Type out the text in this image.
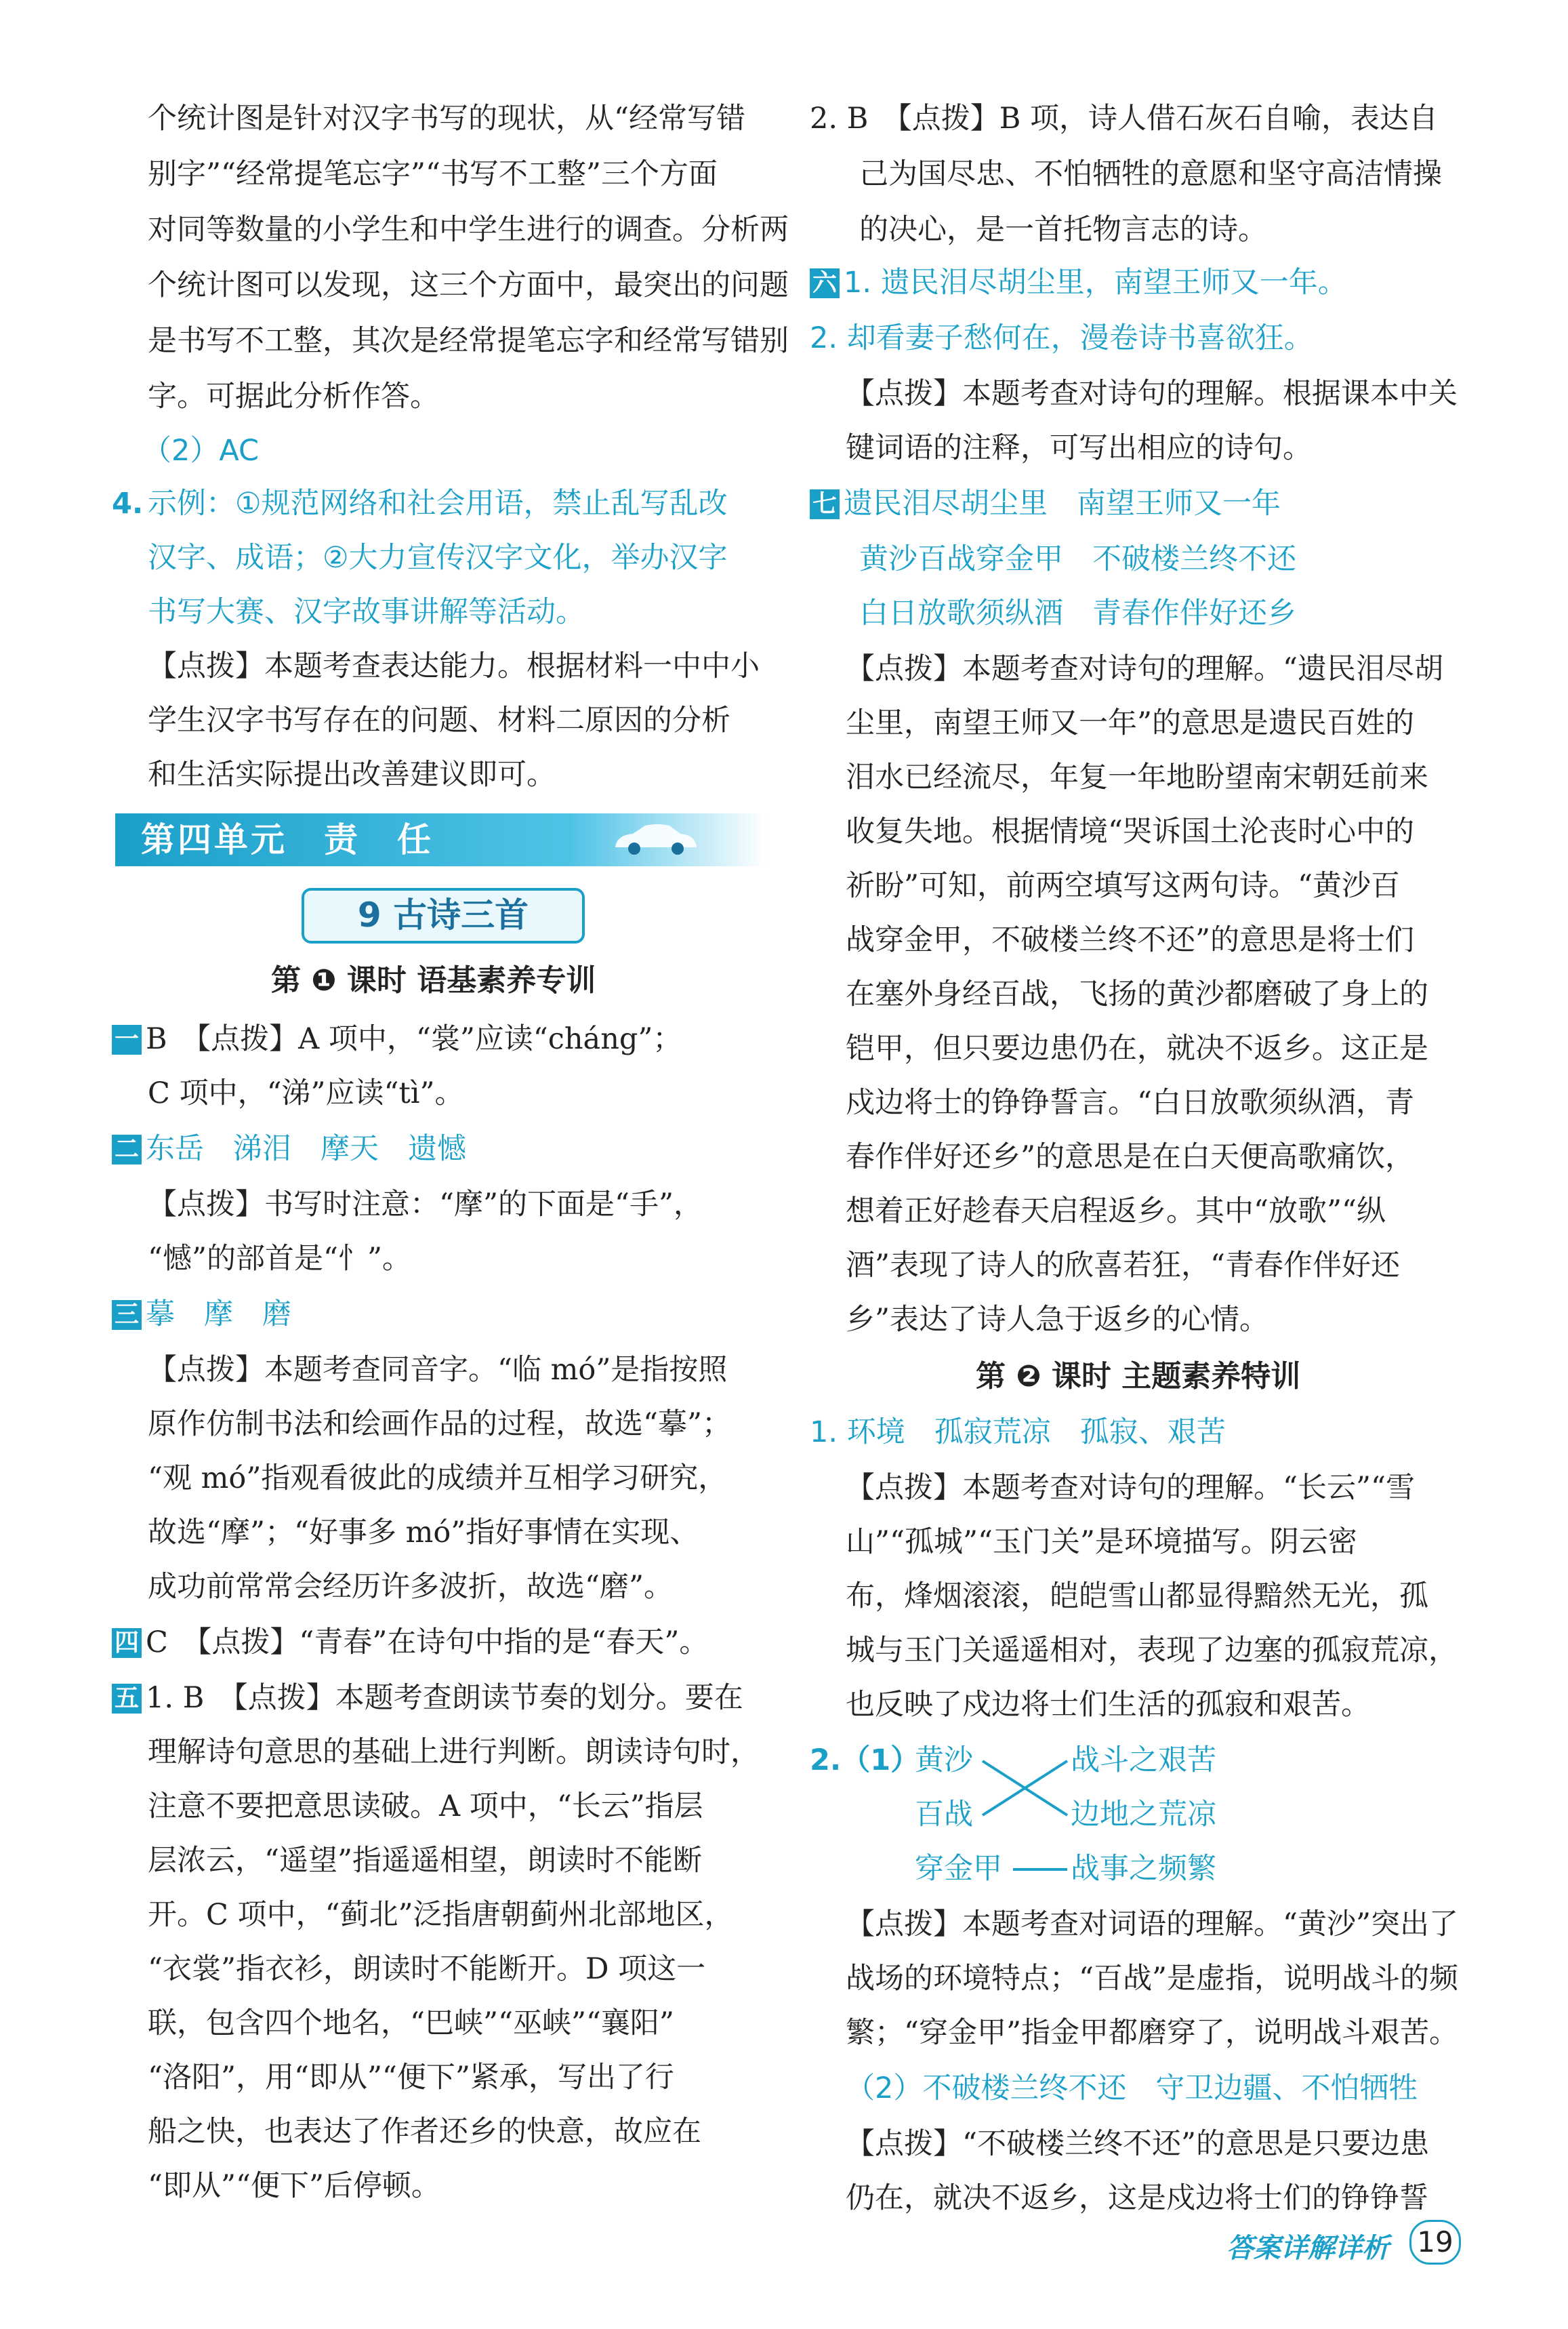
个统计图是针对汉字书写的现状，从“经常写错
别字”“经常提笔忘字”“书写不工整”三个方面
对同等数量的小学生和中学生进行的调查。分析两
个统计图可以发现，这三个方面中，最突出的问题
是书写不工整，其次是经常提笔忘字和经常写错别
字。可据此分析作答。
（2）AC
4. 示例：①规范网络和社会用语，禁止乱写乱改
汉字、成语；②大力宣传汉字文化，举办汉字
书写大赛、汉字故事讲解等活动。
【点拨】本题考查表达能力。根据材料一中中小
学生汉字书写存在的问题、材料二原因的分析
和生活实际提出改善建议即可。
第四单元　责　任
9 古诗三首
第 ❶ 课时 语基素养专训
一 B　【点拨】A 项中，“裳”应读“cháng”；
C 项中，“涕”应读“tì”。
二 东岳　涕泪　摩天　遗憾
【点拨】书写时注意：“摩”的下面是“手”，
“憾”的部首是“忄”。
三 摹　摩　磨
【点拨】本题考查同音字。“临 mó”是指按照
原作仿制书法和绘画作品的过程，故选“摹”；
“观 mó”指观看彼此的成绩并互相学习研究，
故选“摩”；“好事多 mó”指好事情在实现、
成功前常常会经历许多波折，故选“磨”。
四 C　【点拨】“青春”在诗句中指的是“春天”。
五 1. B　【点拨】本题考查朗读节奏的划分。要在
理解诗句意思的基础上进行判断。朗读诗句时，
注意不要把意思读破。A 项中，“长云”指层
层浓云，“遥望”指遥遥相望，朗读时不能断
开。C 项中，“蓟北”泛指唐朝蓟州北部地区，
“衣裳”指衣衫，朗读时不能断开。D 项这一
联，包含四个地名，“巴峡”“巫峡”“襄阳”
“洛阳”，用“即从”“便下”紧承，写出了行
船之快，也表达了作者还乡的快意，故应在
“即从”“便下”后停顿。
2. B　【点拨】B 项，诗人借石灰石自喻，表达自
己为国尽忠、不怕牺牲的意愿和坚守高洁情操
的决心，是一首托物言志的诗。
六 1. 遗民泪尽胡尘里，南望王师又一年。
2. 却看妻子愁何在，漫卷诗书喜欲狂。
【点拨】本题考查对诗句的理解。根据课本中关
键词语的注释，可写出相应的诗句。
七 遗民泪尽胡尘里　南望王师又一年
黄沙百战穿金甲　不破楼兰终不还
白日放歌须纵酒　青春作伴好还乡
【点拨】本题考查对诗句的理解。“遗民泪尽胡
尘里，南望王师又一年”的意思是遗民百姓的
泪水已经流尽，年复一年地盼望南宋朝廷前来
收复失地。根据情境“哭诉国土沦丧时心中的
祈盼”可知，前两空填写这两句诗。“黄沙百
战穿金甲，不破楼兰终不还”的意思是将士们
在塞外身经百战，飞扬的黄沙都磨破了身上的
铠甲，但只要边患仍在，就决不返乡。这正是
戍边将士的铮铮誓言。“白日放歌须纵酒，青
春作伴好还乡”的意思是在白天便高歌痛饮，
想着正好趁春天启程返乡。其中“放歌”“纵
酒”表现了诗人的欣喜若狂，“青春作伴好还
乡”表达了诗人急于返乡的心情。
第 ❷ 课时 主题素养特训
1. 环境　孤寂荒凉　孤寂、艰苦
【点拨】本题考查对诗句的理解。“长云”“雪
山”“孤城”“玉门关”是环境描写。阴云密
布，烽烟滚滚，皑皑雪山都显得黯然无光，孤
城与玉门关遥遥相对，表现了边塞的孤寂荒凉，
也反映了戍边将士们生活的孤寂和艰苦。
2.（1）
黄沙
百战
穿金甲
战斗之艰苦
边地之荒凉
战事之频繁
【点拨】本题考查对词语的理解。“黄沙”突出了
战场的环境特点；“百战”是虚指，说明战斗的频
繁；“穿金甲”指金甲都磨穿了，说明战斗艰苦。
（2）不破楼兰终不还　守卫边疆、不怕牺牲
【点拨】“不破楼兰终不还”的意思是只要边患
仍在，就决不返乡，这是戍边将士们的铮铮誓
答案详解详析 19
